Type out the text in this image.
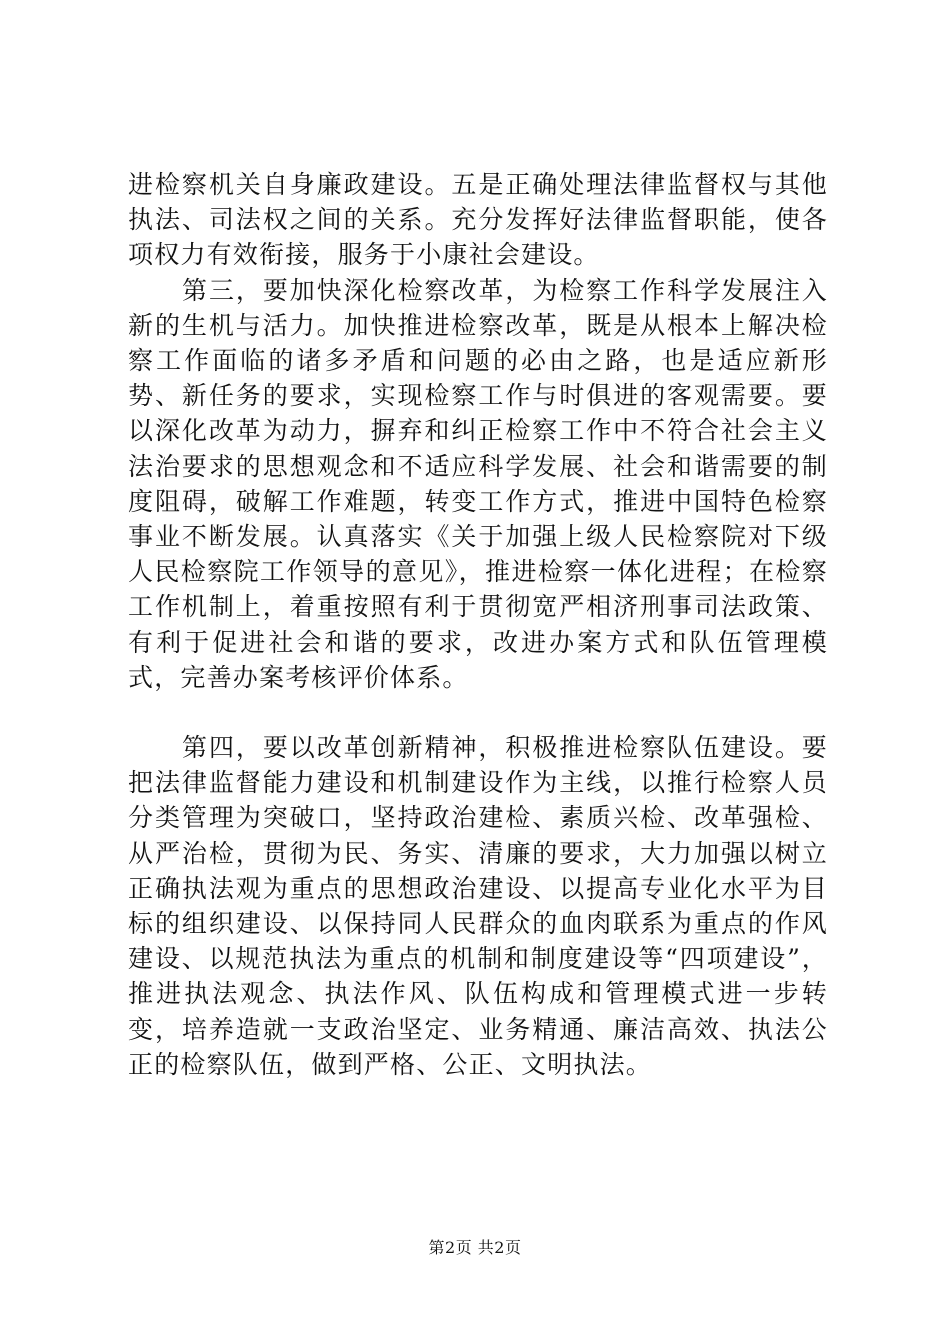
进检察机关自身廉政建设。五是正确处理法律监督权与其他执法、司法权之间的关系。充分发挥好法律监督职能，使各项权力有效衔接，服务于小康社会建设。

第三，要加快深化检察改革，为检察工作科学发展注入新的生机与活力。加快推进检察改革，既是从根本上解决检察工作面临的诸多矛盾和问题的必由之路，也是适应新形势、新任务的要求，实现检察工作与时俱进的客观需要。要以深化改革为动力，摒弃和纠正检察工作中不符合社会主义法治要求的思想观念和不适应科学发展、社会和谐需要的制度阻碍，破解工作难题，转变工作方式，推进中国特色检察事业不断发展。认真落实《关于加强上级人民检察院对下级人民检察院工作领导的意见》，推进检察一体化进程；在检察工作机制上，着重按照有利于贯彻宽严相济刑事司法政策、有利于促进社会和谐的要求，改进办案方式和队伍管理模式，完善办案考核评价体系。

第四，要以改革创新精神，积极推进检察队伍建设。要把法律监督能力建设和机制建设作为主线，以推行检察人员分类管理为突破口，坚持政治建检、素质兴检、改革强检、从严治检，贯彻为民、务实、清廉的要求，大力加强以树立正确执法观为重点的思想政治建设、以提高专业化水平为目标的组织建设、以保持同人民群众的血肉联系为重点的作风建设、以规范执法为重点的机制和制度建设等“四项建设”，推进执法观念、执法作风、队伍构成和管理模式进一步转变，培养造就一支政治坚定、业务精通、廉洁高效、执法公正的检察队伍，做到严格、公正、文明执法。

第2页 共2页
